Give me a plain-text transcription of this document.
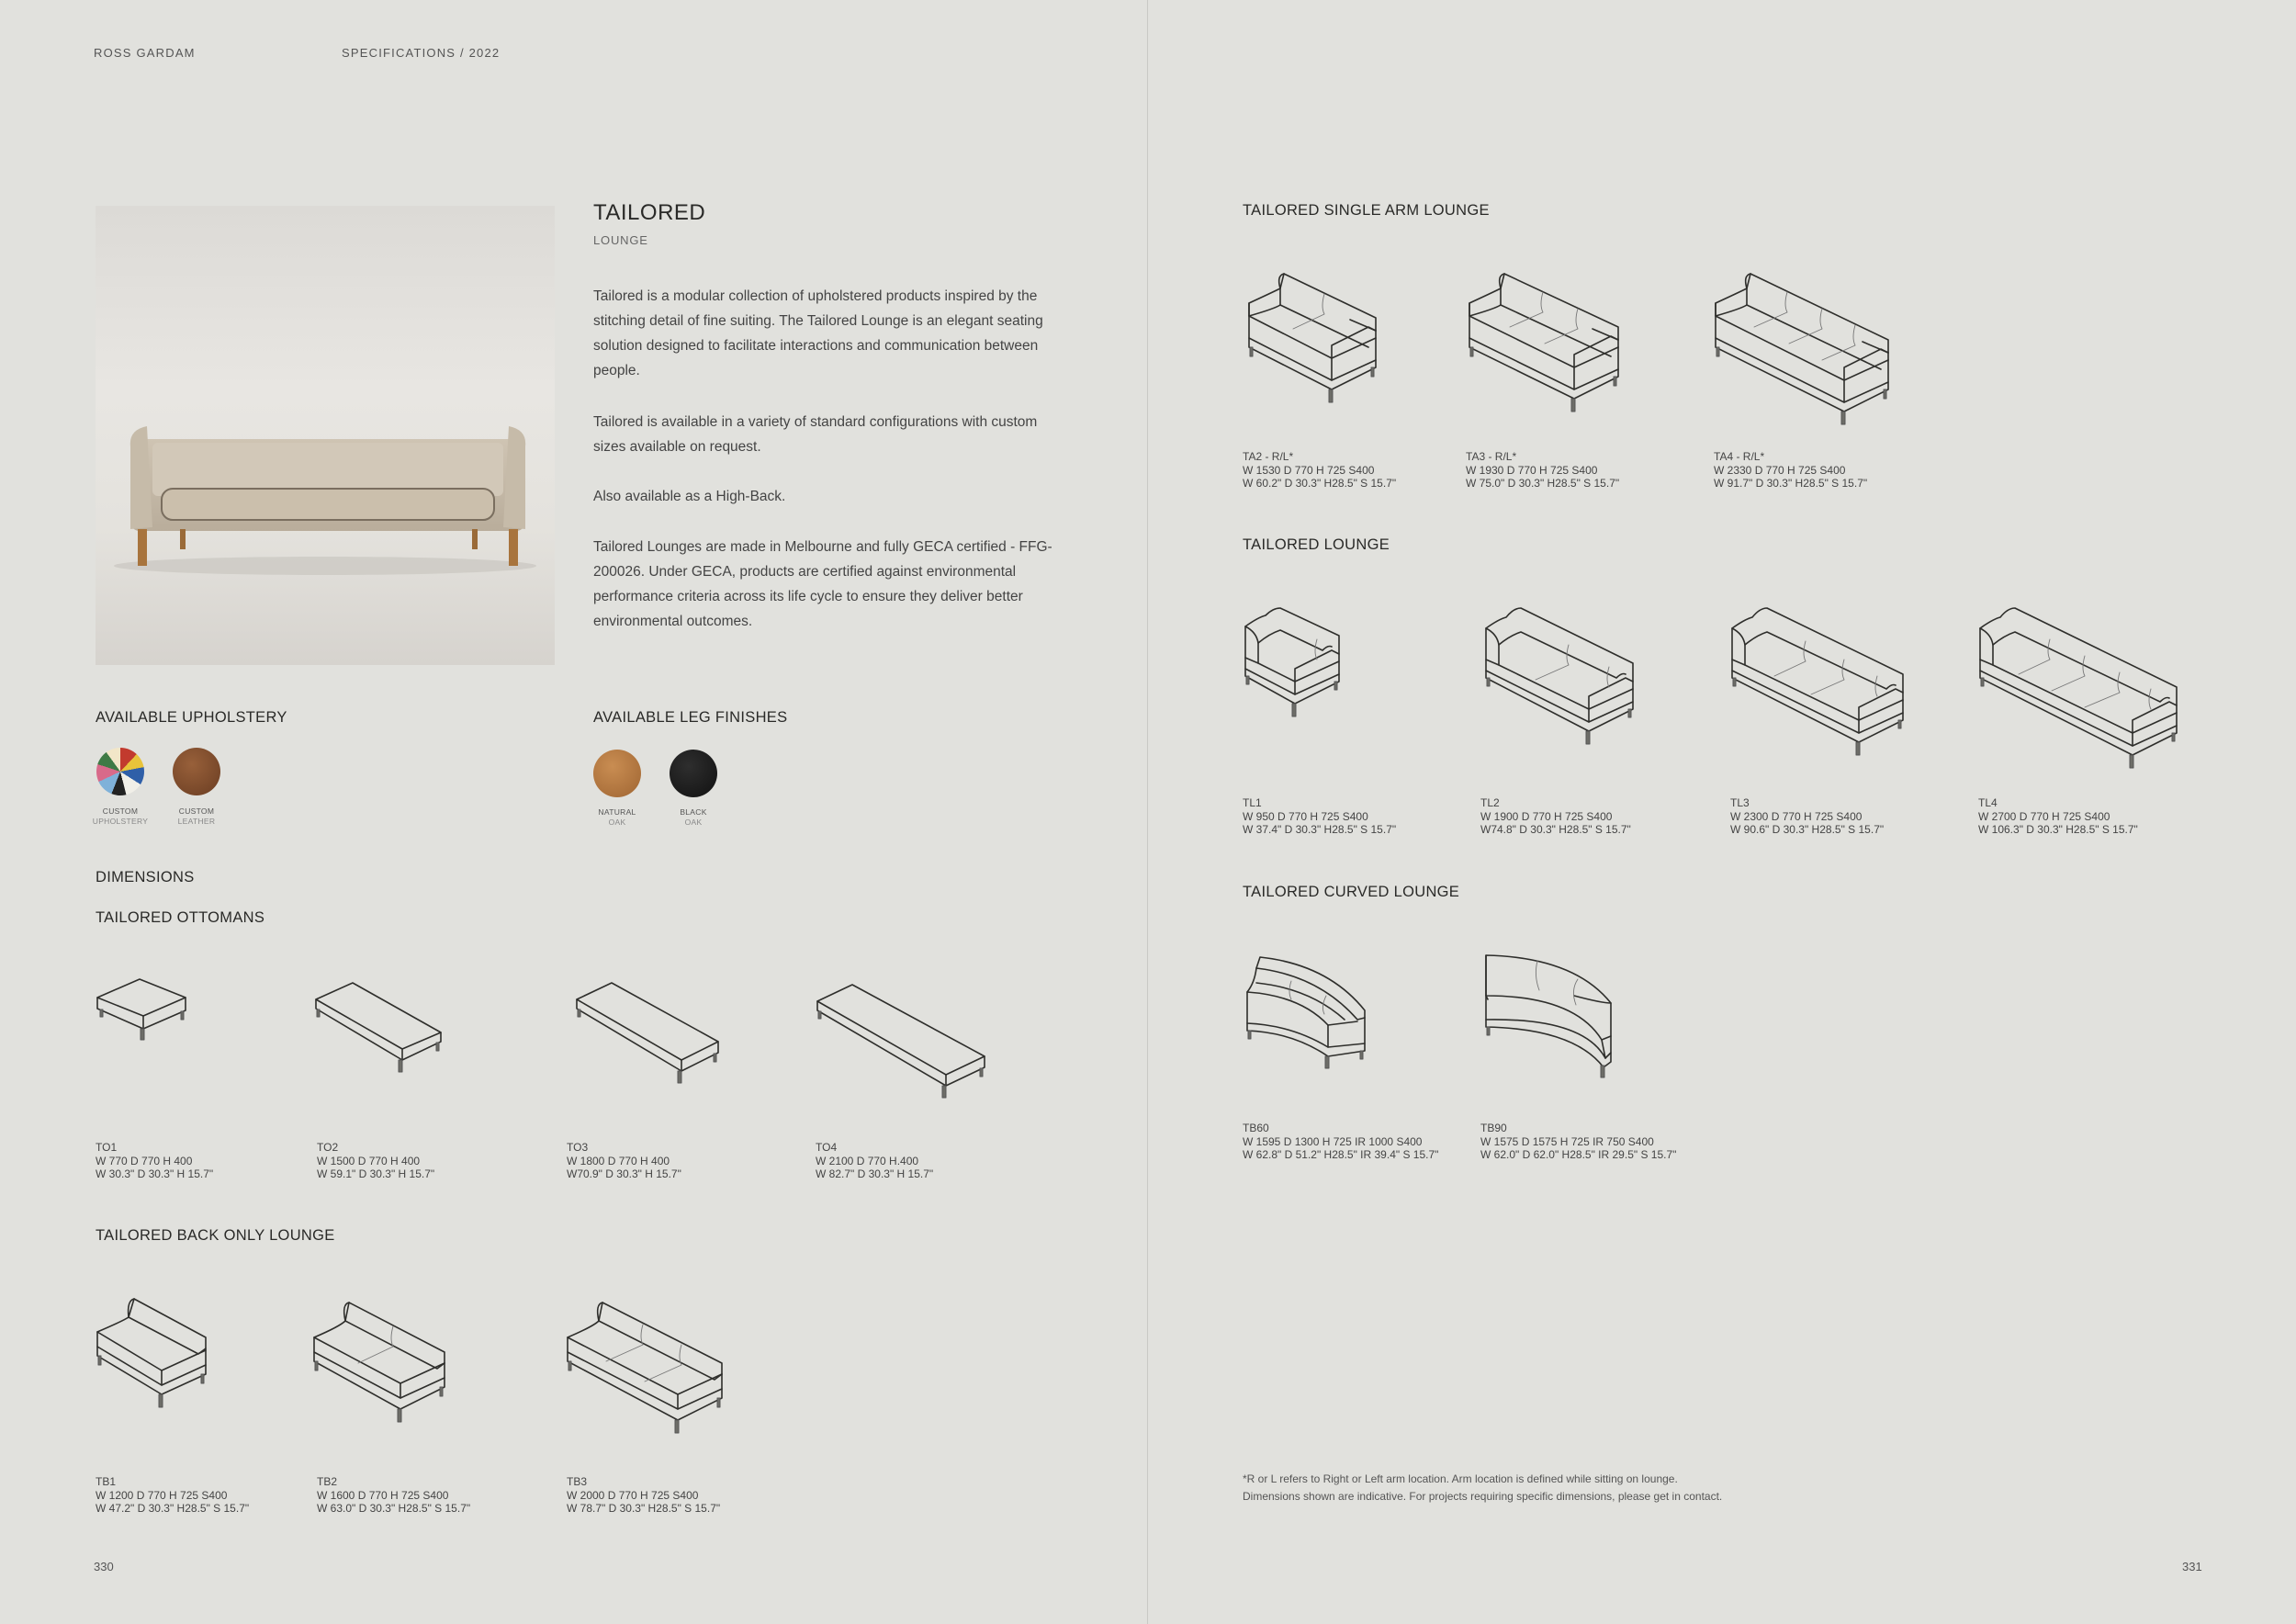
ROSS GARDAM	SPECIFICATIONS / 2022
TAILORED
LOUNGE
Tailored is a modular collection of upholstered products inspired by the stitching detail of fine suiting. The Tailored Lounge is an elegant seating solution designed to facilitate interactions and communication between people.
Tailored is available in a variety of standard configurations with custom sizes available on request.
Also available as a High-Back.
Tailored Lounges are made in Melbourne and fully GECA certified - FFG-200026. Under GECA, products are certified against environmental performance criteria across its life cycle to ensure they deliver better environmental outcomes.
AVAILABLE UPHOLSTERY
CUSTOM
UPHOLSTERY
CUSTOM
LEATHER
AVAILABLE LEG FINISHES
NATURAL
OAK
BLACK
OAK
DIMENSIONS
TAILORED OTTOMANS
TO1
W 770 D 770 H 400
W 30.3" D 30.3" H 15.7"
TO2
W 1500 D 770 H 400
W 59.1" D 30.3" H 15.7"
TO3
W 1800 D 770 H 400
W70.9" D 30.3" H 15.7"
TO4
W 2100 D 770 H.400
W 82.7" D 30.3" H 15.7"
TAILORED BACK ONLY LOUNGE
TB1
W 1200 D 770 H 725 S400
W 47.2" D 30.3" H28.5" S 15.7"
TB2
W 1600 D 770 H 725 S400
W 63.0" D 30.3" H28.5" S 15.7"
TB3
W 2000 D 770 H 725 S400
W 78.7" D 30.3" H28.5" S 15.7"
330
TAILORED SINGLE ARM LOUNGE
TA2 - R/L*
W 1530 D 770 H 725 S400
W 60.2" D 30.3" H28.5" S 15.7"
TA3 - R/L*
W 1930 D 770 H 725 S400
W 75.0" D 30.3" H28.5" S 15.7"
TA4 - R/L*
W 2330 D 770 H 725 S400
W 91.7" D 30.3" H28.5" S 15.7"
TAILORED LOUNGE
TL1
W 950 D 770 H 725 S400
W 37.4" D 30.3" H28.5" S 15.7"
TL2
W 1900 D 770 H 725 S400
W74.8" D 30.3" H28.5" S 15.7"
TL3
W 2300 D 770 H 725 S400
W 90.6" D 30.3" H28.5" S 15.7"
TL4
W 2700 D 770 H 725 S400
W 106.3" D 30.3" H28.5" S 15.7"
TAILORED CURVED LOUNGE
TB60
W 1595 D 1300 H 725 IR 1000 S400
W 62.8" D 51.2" H28.5" IR 39.4" S 15.7"
TB90
W 1575 D 1575 H 725 IR 750 S400
W 62.0" D 62.0" H28.5" IR 29.5" S 15.7"
*R or L refers to Right or Left arm location. Arm location is defined while sitting on lounge.
Dimensions shown are indicative. For projects requiring specific dimensions, please get in contact.
331
